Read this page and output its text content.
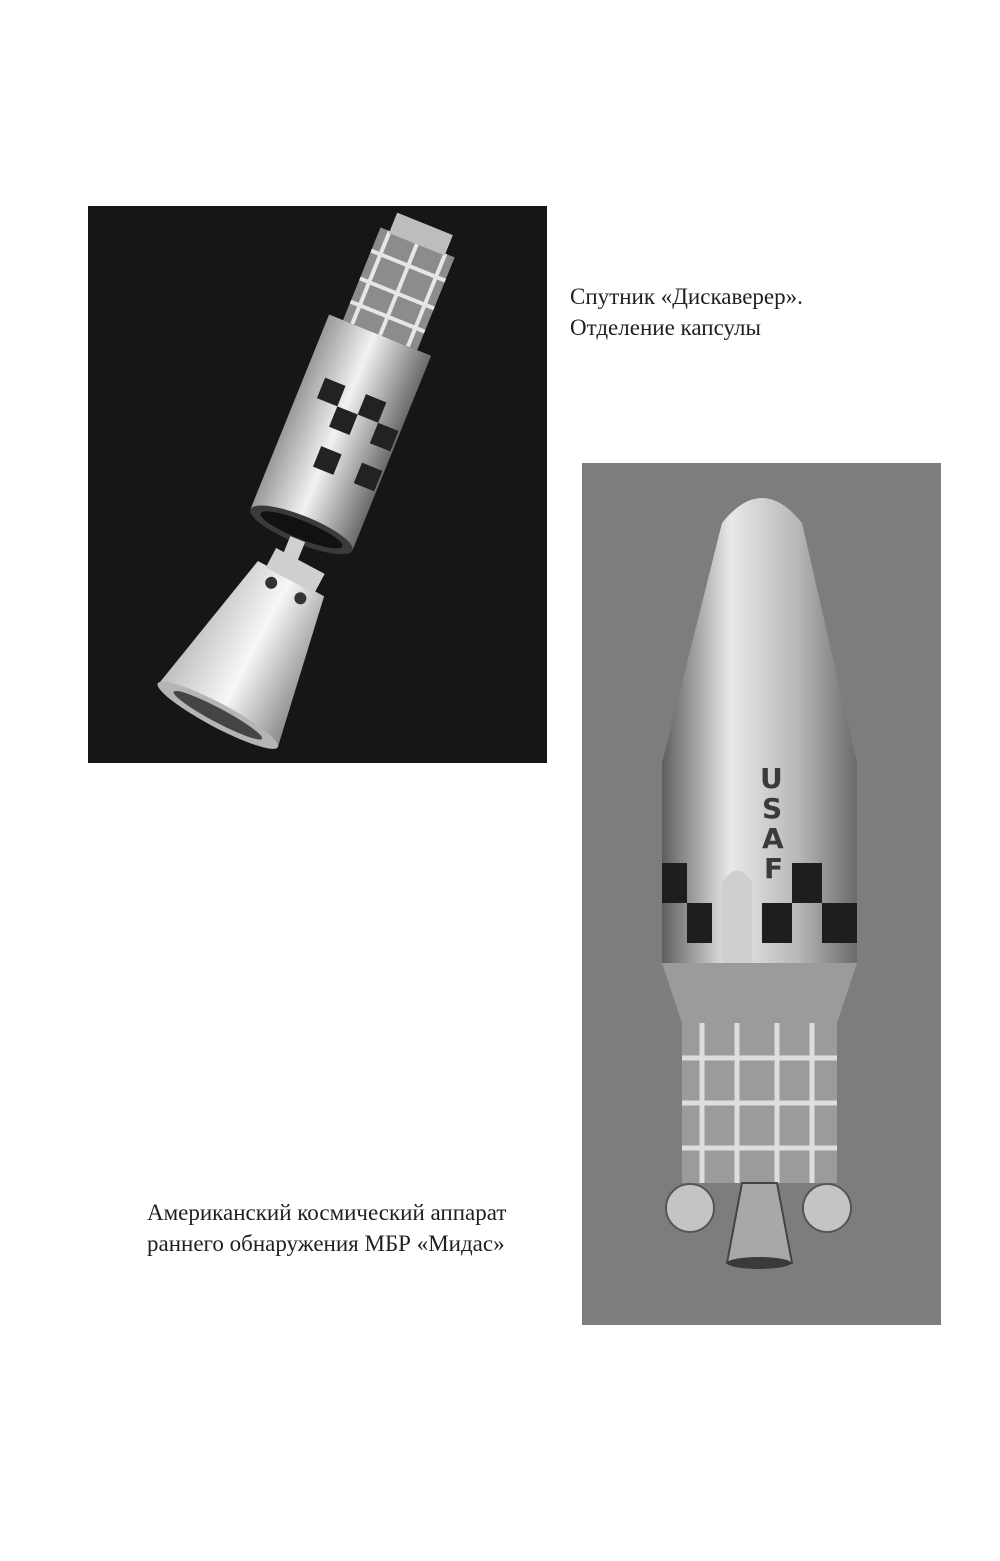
Спутник «Дискаверер».
Отделение капсулы
U
S
A
F
Американский космический аппарат
раннего обнаружения МБР «Мидас»
